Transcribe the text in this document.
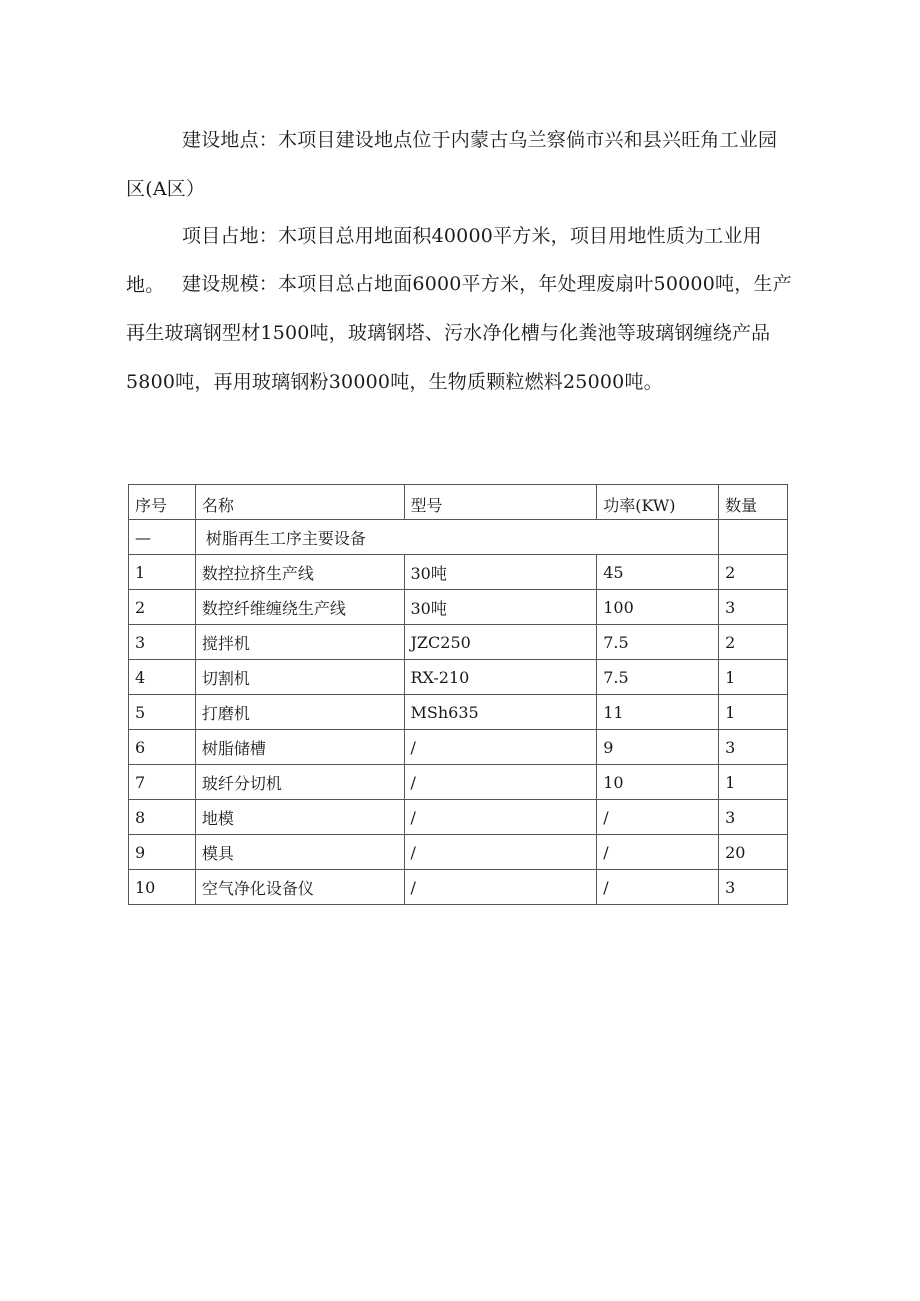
建设地点：木项目建设地点位于内蒙古乌兰察倘市兴和县兴旺角工业园区(A区）

项目占地：木项目总用地面积40000平方米，项目用地性质为工业用地。 建设规模：本项目总占地面6000平方米，年处理废扇叶50000吨，生产再生玻璃钢型材1500吨，玻璃钢塔、污水净化槽与化粪池等玻璃钢缠绕产品5800吨，再用玻璃钢粉30000吨，生物质颗粒燃料25000吨。

序号	名称	型号	功率(KW)	数量
—	树脂再生工序主要设备			
1	数控拉挤生产线	30吨	45	2
2	数控纤维缠绕生产线	30吨	100	3
3	搅拌机	JZC250	7.5	2
4	切割机	RX-210	7.5	1
5	打磨机	MSh635	11	1
6	树脂储槽	/	9	3
7	玻纤分切机	/	10	1
8	地模	/	/	3
9	模具	/	/	20
10	空气净化设备仪	/	/	3
